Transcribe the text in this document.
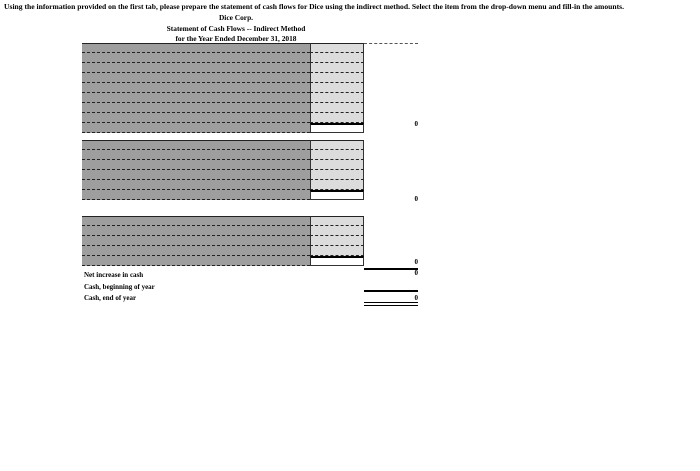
Using the information provided on the first tab, please prepare the statement of cash flows for Dice using the indirect method. Select the item from the drop-down menu and fill-in the amounts.
Dice Corp.
Statement of Cash Flows -- Indirect Method
for the Year Ended December 31, 2018
0
0
0
Net increase in cash	0
Cash, beginning of year
Cash, end of year	0
